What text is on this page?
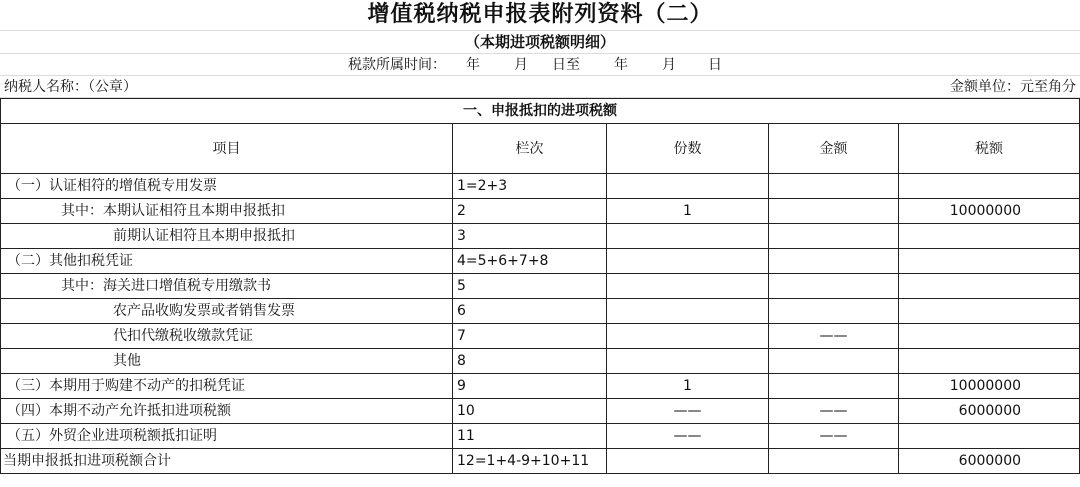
增值税纳税申报表附列资料（二）
（本期进项税额明细）
税款所属时间： 年 月 日至 年 月 日
纳税人名称：（公章）	金额单位：元至角分
一、申报抵扣的进项税额				
项目	栏次	份数	金额	税额
（一）认证相符的增值税专用发票	1=2+3			
其中：本期认证相符且本期申报抵扣	2	1		10000000
前期认证相符且本期申报抵扣	3			
（二）其他扣税凭证	4=5+6+7+8			
其中：海关进口增值税专用缴款书	5			
农产品收购发票或者销售发票	6			
代扣代缴税收缴款凭证	7		——	
其他	8			
（三）本期用于购建不动产的扣税凭证	9	1		10000000
（四）本期不动产允许抵扣进项税额	10	——	——	6000000
（五）外贸企业进项税额抵扣证明	11	——	——	
当期申报抵扣进项税额合计	12=1+4-9+10+11			6000000
